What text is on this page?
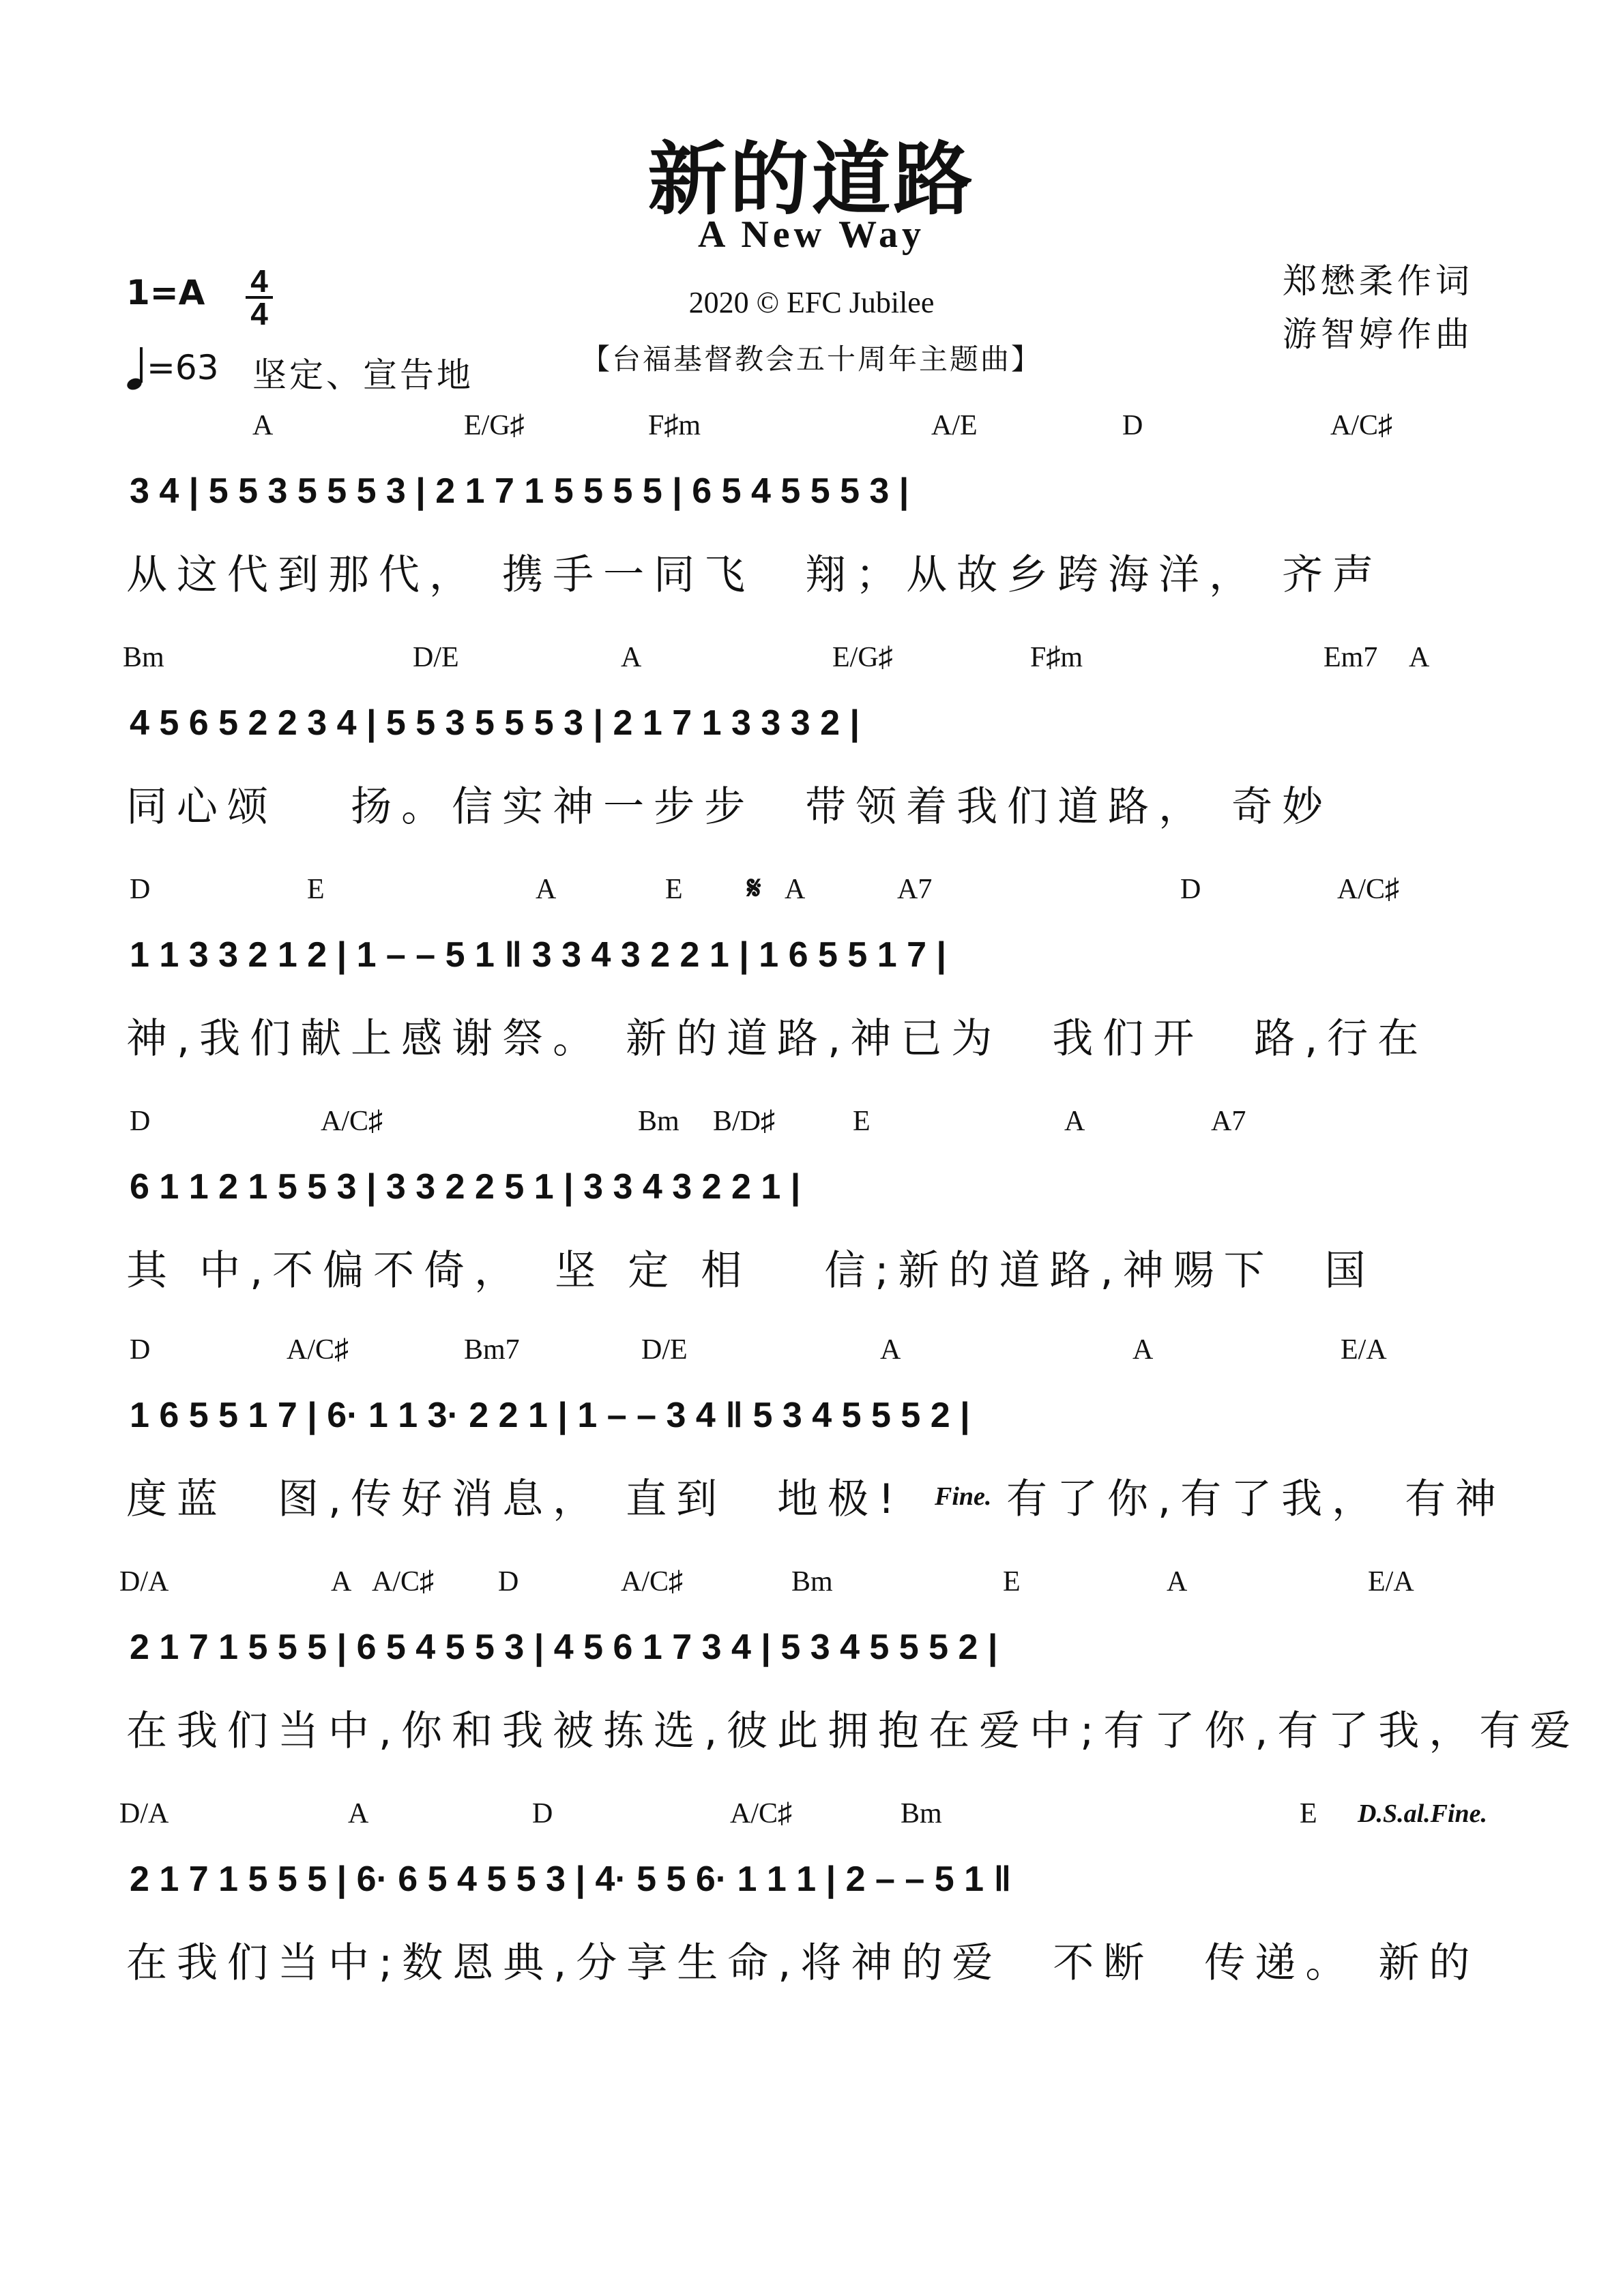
新的道路
A New Way
2020 © EFC Jubilee
【台福基督教会五十周年主题曲】
郑懋柔作词
游智婷作曲
1=A 4
4
=63 坚定、宣告地
A	E/G♯	F♯m	A/E	D	A/C♯
3 4 | 5 5 3 5 5 5 3 | 2 1 7 1 5 5 5 5 | 6 5 4 5 5 5 3 |
从这代到那代， 携手一同飞　翔；从故乡跨海洋， 齐声
Bm	D/E	A	E/G♯	F♯m	Em7 A
4 5 6 5 2 2 3 4 | 5 5 3 5 5 5 3 | 2 1 7 1 3 3 3 2 |
同心颂　 扬。信实神一步步　带领着我们道路， 奇妙
D	E	A	E 𝄋 A	A7	D	A/C♯
1 1 3 3 2 1 2 | 1 – – 5 1 ‖ 3 3 4 3 2 2 1 | 1 6 5 5 1 7 |
神,我们献上感谢祭。 新的道路,神已为　我们开　路,行在
D	A/C♯	Bm B/D♯	E	A	A7
6 1 1 2 1 5 5 3 | 3 3 2 2 5 1 | 3 3 4 3 2 2 1 |
其 中,不偏不倚，　坚 定 相　 信;新的道路,神赐下　国
D	A/C♯	Bm7	D/E	A	A	E/A
1 6 5 5 1 7 | 6· 1 1 3· 2 2 1 | 1 – – 3 4 ‖ 5 3 4 5 5 5 2 |
度蓝　图,传好消息， 直到　地极! Fine. 有了你,有了我， 有神
D/A	A A/C♯ D	A/C♯	Bm	E	A	E/A
2 1 7 1 5 5 5 | 6 5 4 5 5 3 | 4 5 6 1 7 3 4 | 5 3 4 5 5 5 2 |
在我们当中,你和我被拣选,彼此拥抱在爱中;有了你,有了我，有爱
D/A	A	D	A/C♯	Bm	E D.S.al.Fine.
2 1 7 1 5 5 5 | 6· 6 5 4 5 5 3 | 4· 5 5 6· 1 1 1 | 2 – – 5 1 ‖
在我们当中;数恩典,分享生命,将神的爱　不断　传递。 新的
